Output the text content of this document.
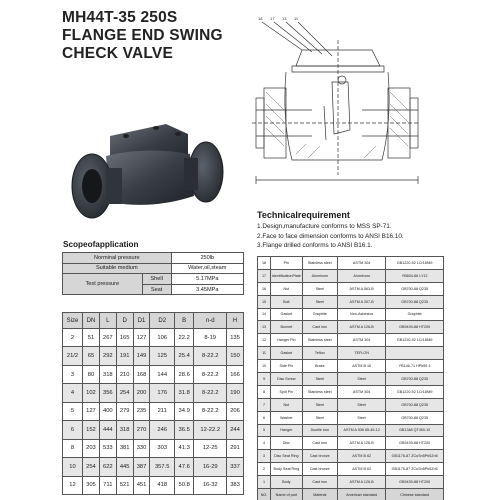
MH44T-35 250S
FLANGE END SWING
CHECK VALVE
18 17 13 11
Technicalrequirement
1.Design,manufacture conforms to MSS SP-71.
2.Face to face dimension conforms to ANSI B16.10.
3.Flange drilled conforms to ANSI B16.1.
Scopeofapplication
Norminal pressure		250lb
Suitable medium		Water,oil,steam
Test pressure	Shell	5.17MPa
	Seat	3.45MPa
Size	DN	L	D	D1	D2	B	n-d	H
2	51	267	165	127	106	22.2	8-19	135
21/2	65	292	191	149	125	25.4	8-22.2	150
3	80	318	210	168	144	28.6	8-22.2	166
4	102	356	254	200	176	31.8	8-22.2	190
5	127	400	279	235	211	34.9	8-22.2	206
6	152	444	318	270	246	36.5	12-22.2	244
8	203	533	381	330	303	41.3	12-25	291
10	254	622	445	387	357.5	47.6	16-29	337
12	305	711	521	451	418	50.8	16-32	383
18	Pin	Stainless steel	ASTM 304	GB1220-92 1Cr18Ni9
17	IdentificationPlate	Aluminum	Aluminum	YB604-66 LY12
16	Nut	Steel	ASTM A 563-B	GB700-88 Q235
15	Bolt	Steel	ASTM A 307-B	GB700-88 Q235
14	Gasket	Graphite	Non-Asbestos	Graphite
13	Bonnet	Cast iron	ASTM A 126-B	GB9439-88 HT200
12	Hanger Pin	Stainless steel	ASTM 304	GB1220-92 1Cr18Ni9
11	Gasket	Teflon	TEFLON	
10	Side Pin	Brass	ASTM B 16	YB146-71 HPb59-1
9	Disc Screw	Steel	Steel	GB700-88 Q235
8	Split Pin	Stainless steel	ASTM 304	GB1220-92 1Cr18Ni9
7	Nut	Steel	Steel	GB700-88 Q235
6	Washer	Steel	Steel	GB700-88 Q235
5	Hanger	Ductile iron	ASTM A 536 65-45-12	GB1348 QT450-10
4	Disc	Cast iron	ASTM A 126-B	GB9439-88 HT200
3	Disc Seat Ring	Cast bronze	ASTM B 62	GB1176-87 ZCuSn5Pb5Zn5
2	Body Seat Ring	Cast bronze	ASTM B 62	GB1176-87 ZCuSn5Pb5Zn5
1	Body	Cast iron	ASTM A 126-B	GB9439-88 HT200
NO.	Name of part	Material	American standard	Chinese standard
